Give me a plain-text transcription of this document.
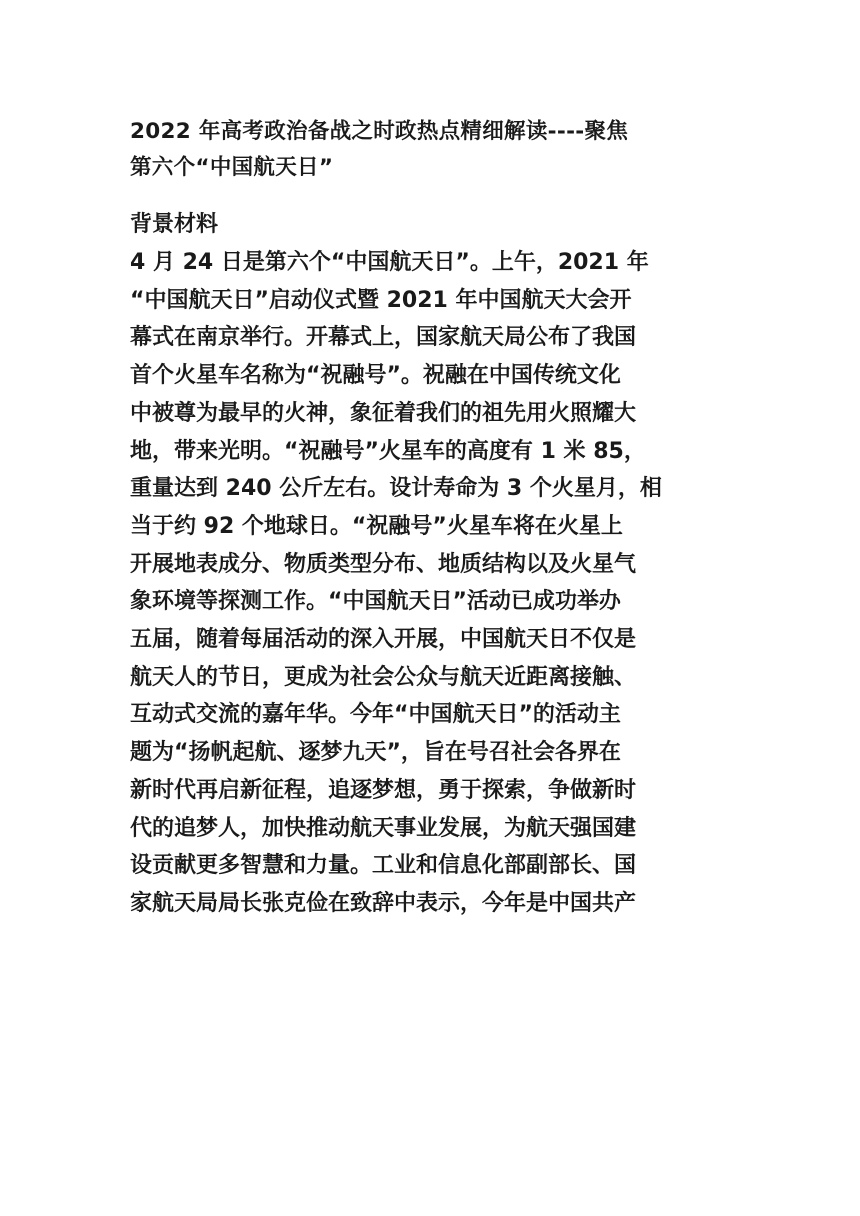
2022 年高考政治备战之时政热点精细解读----聚焦
第六个“中国航天日”
背景材料
4 月 24 日是第六个“中国航天日”。上午，2021 年
“中国航天日”启动仪式暨 2021 年中国航天大会开
幕式在南京举行。开幕式上，国家航天局公布了我国
首个火星车名称为“祝融号”。祝融在中国传统文化
中被尊为最早的火神，象征着我们的祖先用火照耀大
地，带来光明。“祝融号”火星车的高度有 1 米 85，
重量达到 240 公斤左右。设计寿命为 3 个火星月，相
当于约 92 个地球日。“祝融号”火星车将在火星上
开展地表成分、物质类型分布、地质结构以及火星气
象环境等探测工作。“中国航天日”活动已成功举办
五届，随着每届活动的深入开展，中国航天日不仅是
航天人的节日，更成为社会公众与航天近距离接触、
互动式交流的嘉年华。今年“中国航天日”的活动主
题为“扬帆起航、逐梦九天”，旨在号召社会各界在
新时代再启新征程，追逐梦想，勇于探索，争做新时
代的追梦人，加快推动航天事业发展，为航天强国建
设贡献更多智慧和力量。工业和信息化部副部长、国
家航天局局长张克俭在致辞中表示，今年是中国共产
